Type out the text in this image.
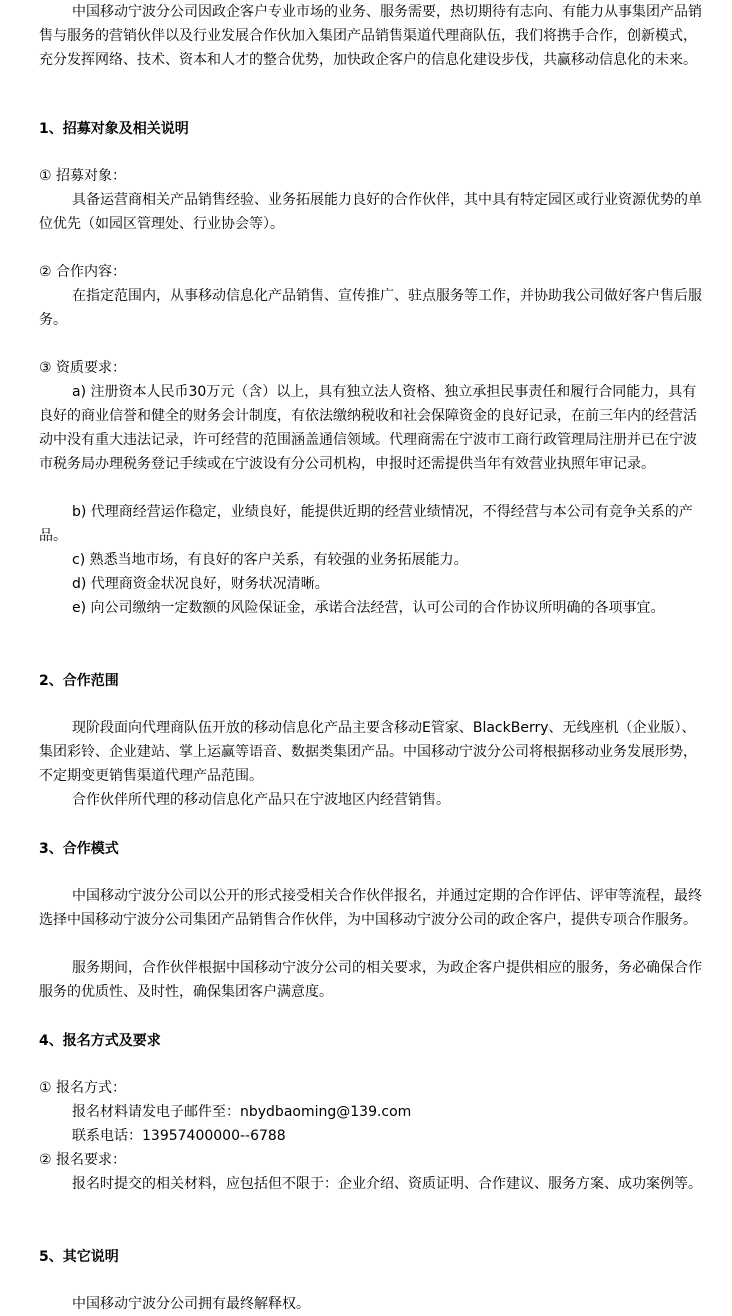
中国移动宁波分公司因政企客户专业市场的业务、服务需要，热切期待有志向、有能力从事集团产品销售与服务的营销伙伴以及行业发展合作伙加入集团产品销售渠道代理商队伍，我们将携手合作，创新模式，充分发挥网络、技术、资本和人才的整合优势，加快政企客户的信息化建设步伐，共赢移动信息化的未来。

1、招募对象及相关说明
① 招募对象：

具备运营商相关产品销售经验、业务拓展能力良好的合作伙伴，其中具有特定园区或行业资源优势的单位优先（如园区管理处、行业协会等）。

② 合作内容：

在指定范围内，从事移动信息化产品销售、宣传推广、驻点服务等工作，并协助我公司做好客户售后服务。

③ 资质要求：

a) 注册资本人民币30万元（含）以上，具有独立法人资格、独立承担民事责任和履行合同能力，具有良好的商业信誉和健全的财务会计制度，有依法缴纳税收和社会保障资金的良好记录，在前三年内的经营活动中没有重大违法记录，许可经营的范围涵盖通信领域。代理商需在宁波市工商行政管理局注册并已在宁波市税务局办理税务登记手续或在宁波设有分公司机构，申报时还需提供当年有效营业执照年审记录。

b) 代理商经营运作稳定，业绩良好，能提供近期的经营业绩情况，不得经营与本公司有竞争关系的产品。

c) 熟悉当地市场，有良好的客户关系，有较强的业务拓展能力。

d) 代理商资金状况良好，财务状况清晰。

e) 向公司缴纳一定数额的风险保证金，承诺合法经营，认可公司的合作协议所明确的各项事宜。

2、合作范围

现阶段面向代理商队伍开放的移动信息化产品主要含移动E管家、BlackBerry、无线座机（企业版）、集团彩铃、企业建站、掌上运赢等语音、数据类集团产品。中国移动宁波分公司将根据移动业务发展形势，不定期变更销售渠道代理产品范围。

合作伙伴所代理的移动信息化产品只在宁波地区内经营销售。

3、合作模式

中国移动宁波分公司以公开的形式接受相关合作伙伴报名，并通过定期的合作评估、评审等流程，最终选择中国移动宁波分公司集团产品销售合作伙伴，为中国移动宁波分公司的政企客户，提供专项合作服务。

服务期间，合作伙伴根据中国移动宁波分公司的相关要求，为政企客户提供相应的服务，务必确保合作服务的优质性、及时性，确保集团客户满意度。

4、报名方式及要求
① 报名方式：

报名材料请发电子邮件至：nbydbaoming@139.com

联系电话：13957400000--6788

② 报名要求：

报名时提交的相关材料，应包括但不限于：企业介绍、资质证明、合作建议、服务方案、成功案例等。

5、其它说明

中国移动宁波分公司拥有最终解释权。
